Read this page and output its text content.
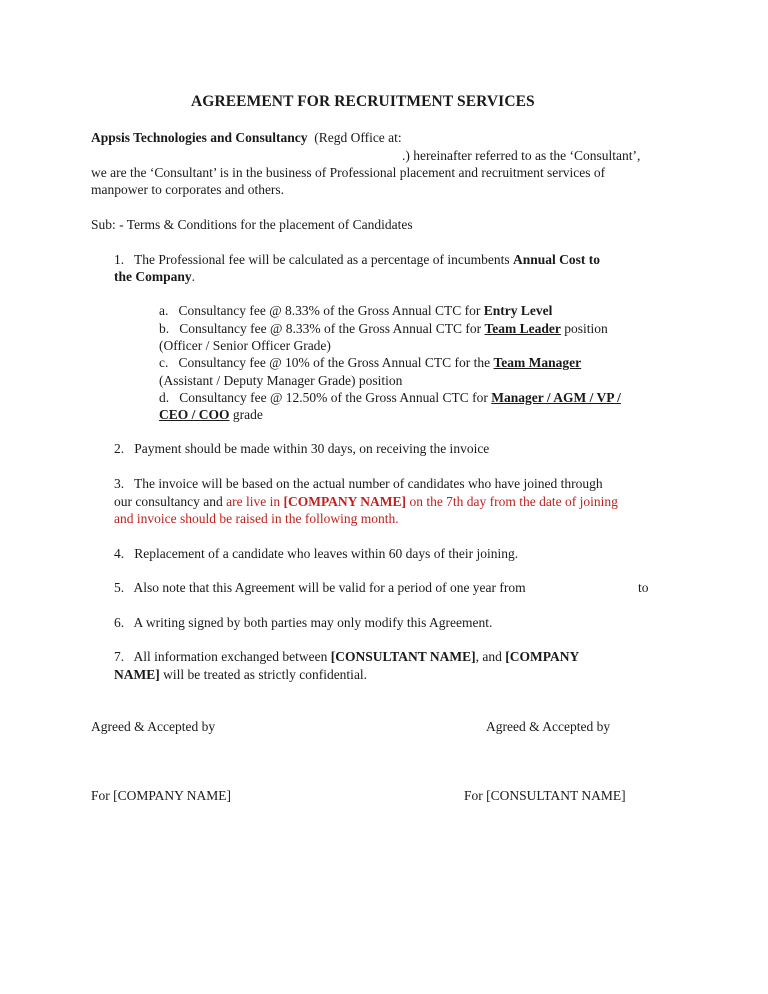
AGREEMENT FOR RECRUITMENT SERVICES
Appsis Technologies and Consultancy (Regd Office at:
.) hereinafter referred to as the ‘Consultant’,
we are the ‘Consultant’ is in the business of Professional placement and recruitment services of
manpower to corporates and others.
Sub: - Terms & Conditions for the placement of Candidates
1. The Professional fee will be calculated as a percentage of incumbents Annual Cost to
the Company.
a. Consultancy fee @ 8.33% of the Gross Annual CTC for Entry Level
b. Consultancy fee @ 8.33% of the Gross Annual CTC for Team Leader position
(Officer / Senior Officer Grade)
c. Consultancy fee @ 10% of the Gross Annual CTC for the Team Manager
(Assistant / Deputy Manager Grade) position
d. Consultancy fee @ 12.50% of the Gross Annual CTC for Manager / AGM / VP /
CEO / COO grade
2. Payment should be made within 30 days, on receiving the invoice
3. The invoice will be based on the actual number of candidates who have joined through
our consultancy and are live in [COMPANY NAME] on the 7th day from the date of joining
and invoice should be raised in the following month.
4. Replacement of a candidate who leaves within 60 days of their joining.
5. Also note that this Agreement will be valid for a period of one year from	to
6. A writing signed by both parties may only modify this Agreement.
7. All information exchanged between [CONSULTANT NAME], and [COMPANY
NAME] will be treated as strictly confidential.
Agreed & Accepted by	Agreed & Accepted by
For [COMPANY NAME]	For [CONSULTANT NAME]
